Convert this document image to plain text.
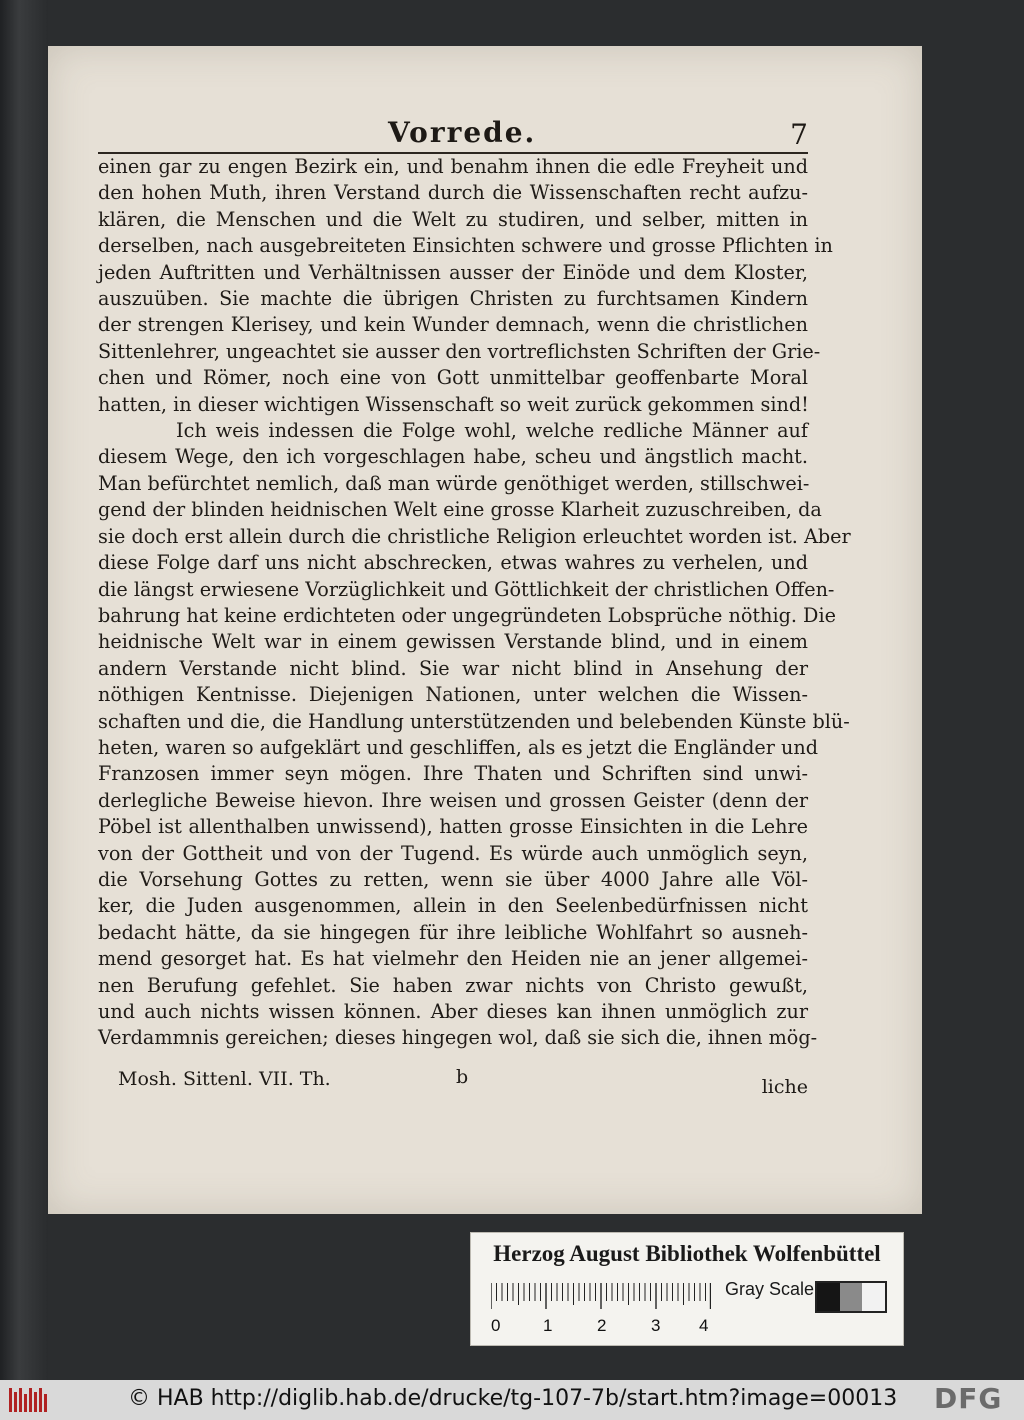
Vorrede.	7
einen gar zu engen Bezirk ein, und benahm ihnen die edle Freyheit und
den hohen Muth, ihren Verstand durch die Wissenschaften recht aufzu-
klären, die Menschen und die Welt zu studiren, und selber, mitten in
derselben, nach ausgebreiteten Einsichten schwere und grosse Pflichten in
jeden Auftritten und Verhältnissen ausser der Einöde und dem Kloster,
auszuüben. Sie machte die übrigen Christen zu furchtsamen Kindern
der strengen Klerisey, und kein Wunder demnach, wenn die christlichen
Sittenlehrer, ungeachtet sie ausser den vortreflichsten Schriften der Grie-
chen und Römer, noch eine von Gott unmittelbar geoffenbarte Moral
hatten, in dieser wichtigen Wissenschaft so weit zurück gekommen sind!
Ich weis indessen die Folge wohl, welche redliche Männer auf
diesem Wege, den ich vorgeschlagen habe, scheu und ängstlich macht.
Man befürchtet nemlich, daß man würde genöthiget werden, stillschwei-
gend der blinden heidnischen Welt eine grosse Klarheit zuzuschreiben, da
sie doch erst allein durch die christliche Religion erleuchtet worden ist. Aber
diese Folge darf uns nicht abschrecken, etwas wahres zu verhelen, und
die längst erwiesene Vorzüglichkeit und Göttlichkeit der christlichen Offen-
bahrung hat keine erdichteten oder ungegründeten Lobsprüche nöthig. Die
heidnische Welt war in einem gewissen Verstande blind, und in einem
andern Verstande nicht blind. Sie war nicht blind in Ansehung der
nöthigen Kentnisse. Diejenigen Nationen, unter welchen die Wissen-
schaften und die, die Handlung unterstützenden und belebenden Künste blü-
heten, waren so aufgeklärt und geschliffen, als es jetzt die Engländer und
Franzosen immer seyn mögen. Ihre Thaten und Schriften sind unwi-
derlegliche Beweise hievon. Ihre weisen und grossen Geister (denn der
Pöbel ist allenthalben unwissend), hatten grosse Einsichten in die Lehre
von der Gottheit und von der Tugend. Es würde auch unmöglich seyn,
die Vorsehung Gottes zu retten, wenn sie über 4000 Jahre alle Völ-
ker, die Juden ausgenommen, allein in den Seelenbedürfnissen nicht
bedacht hätte, da sie hingegen für ihre leibliche Wohlfahrt so ausneh-
mend gesorget hat. Es hat vielmehr den Heiden nie an jener allgemei-
nen Berufung gefehlet. Sie haben zwar nichts von Christo gewußt,
und auch nichts wissen können. Aber dieses kan ihnen unmöglich zur
Verdammnis gereichen; dieses hingegen wol, daß sie sich die, ihnen mög-
Mosh. Sittenl. VII. Th.	b	liche
Herzog August Bibliothek Wolfenbüttel
0	1	2	3 4
Gray Scale
© HAB http://diglib.hab.de/drucke/tg-107-7b/start.htm?image=00013 DFG
